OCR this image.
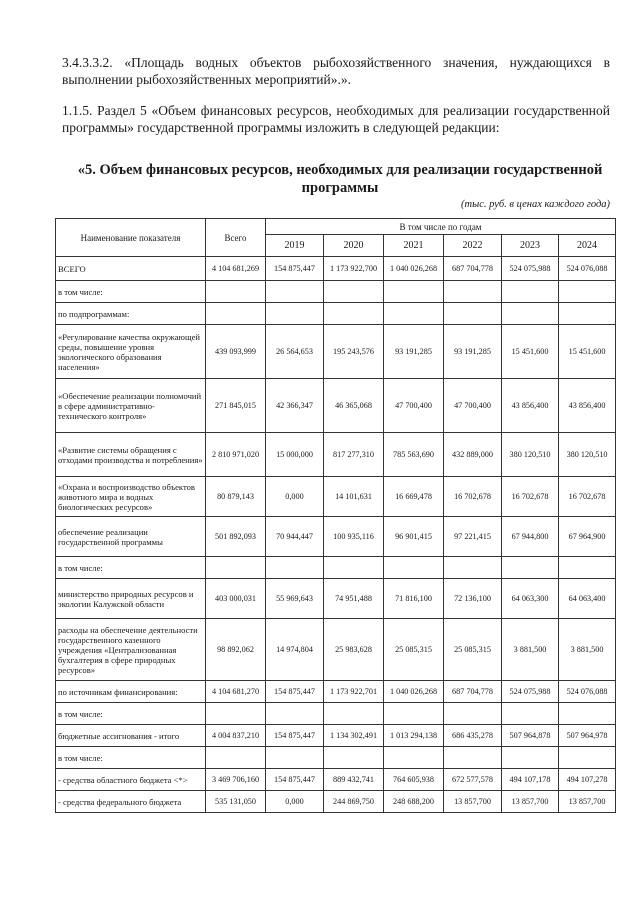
3.4.3.3.2. «Площадь водных объектов рыбохозяйственного значения, нуждающихся в выполнении рыбохозяйственных мероприятий».».
1.1.5. Раздел 5 «Объем финансовых ресурсов, необходимых для реализации государственной программы» государственной программы изложить в следующей редакции:
«5. Объем финансовых ресурсов, необходимых для реализации государственной программы
(тыс. руб. в ценах каждого года)
Наименование показателя	Всего	В том числе по годам					
		2019	2020	2021	2022	2023	2024
ВСЕГО	4 104 681,269	154 875,447	1 173 922,700	1 040 026,268	687 704,778	524 075,988	524 076,088
в том числе:							
по подпрограммам:							
«Регулирование качества окружающей среды, повышение уровня экологического образования населения»	439 093,999	26 564,653	195 243,576	93 191,285	93 191,285	15 451,600	15 451,600
«Обеспечение реализации полномочий в сфере административно-технического контроля»	271 845,015	42 366,347	46 365,068	47 700,400	47 700,400	43 856,400	43 856,400
«Развитие системы обращения с отходами производства и потребления»	2 810 971,020	15 000,000	817 277,310	785 563,690	432 889,000	380 120,510	380 120,510
«Охрана и воспроизводство объектов животного мира и водных биологических ресурсов»	80 879,143	0,000	14 101,631	16 669,478	16 702,678	16 702,678	16 702,678
обеспечение реализации государственной программы	501 892,093	70 944,447	100 935,116	96 901,415	97 221,415	67 944,800	67 964,900
в том числе:							
министерство природных ресурсов и экологии Калужской области	403 000,031	55 969,643	74 951,488	71 816,100	72 136,100	64 063,300	64 063,400
расходы на обеспечение деятельности государственного казенного учреждения «Централизованная бухгалтерия в сфере природных ресурсов»	98 892,062	14 974,804	25 983,628	25 085,315	25 085,315	3 881,500	3 881,500
по источникам финансирования:	4 104 681,270	154 875,447	1 173 922,701	1 040 026,268	687 704,778	524 075,988	524 076,088
в том числе:							
бюджетные ассигнования - итого	4 004 837,210	154 875,447	1 134 302,491	1 013 294,138	686 435,278	507 964,878	507 964,978
в том числе:							
- средства областного бюджета <*>	3 469 706,160	154 875,447	889 432,741	764 605,938	672 577,578	494 107,178	494 107,278
- средства федерального бюджета	535 131,050	0,000	244 869,750	248 688,200	13 857,700	13 857,700	13 857,700
